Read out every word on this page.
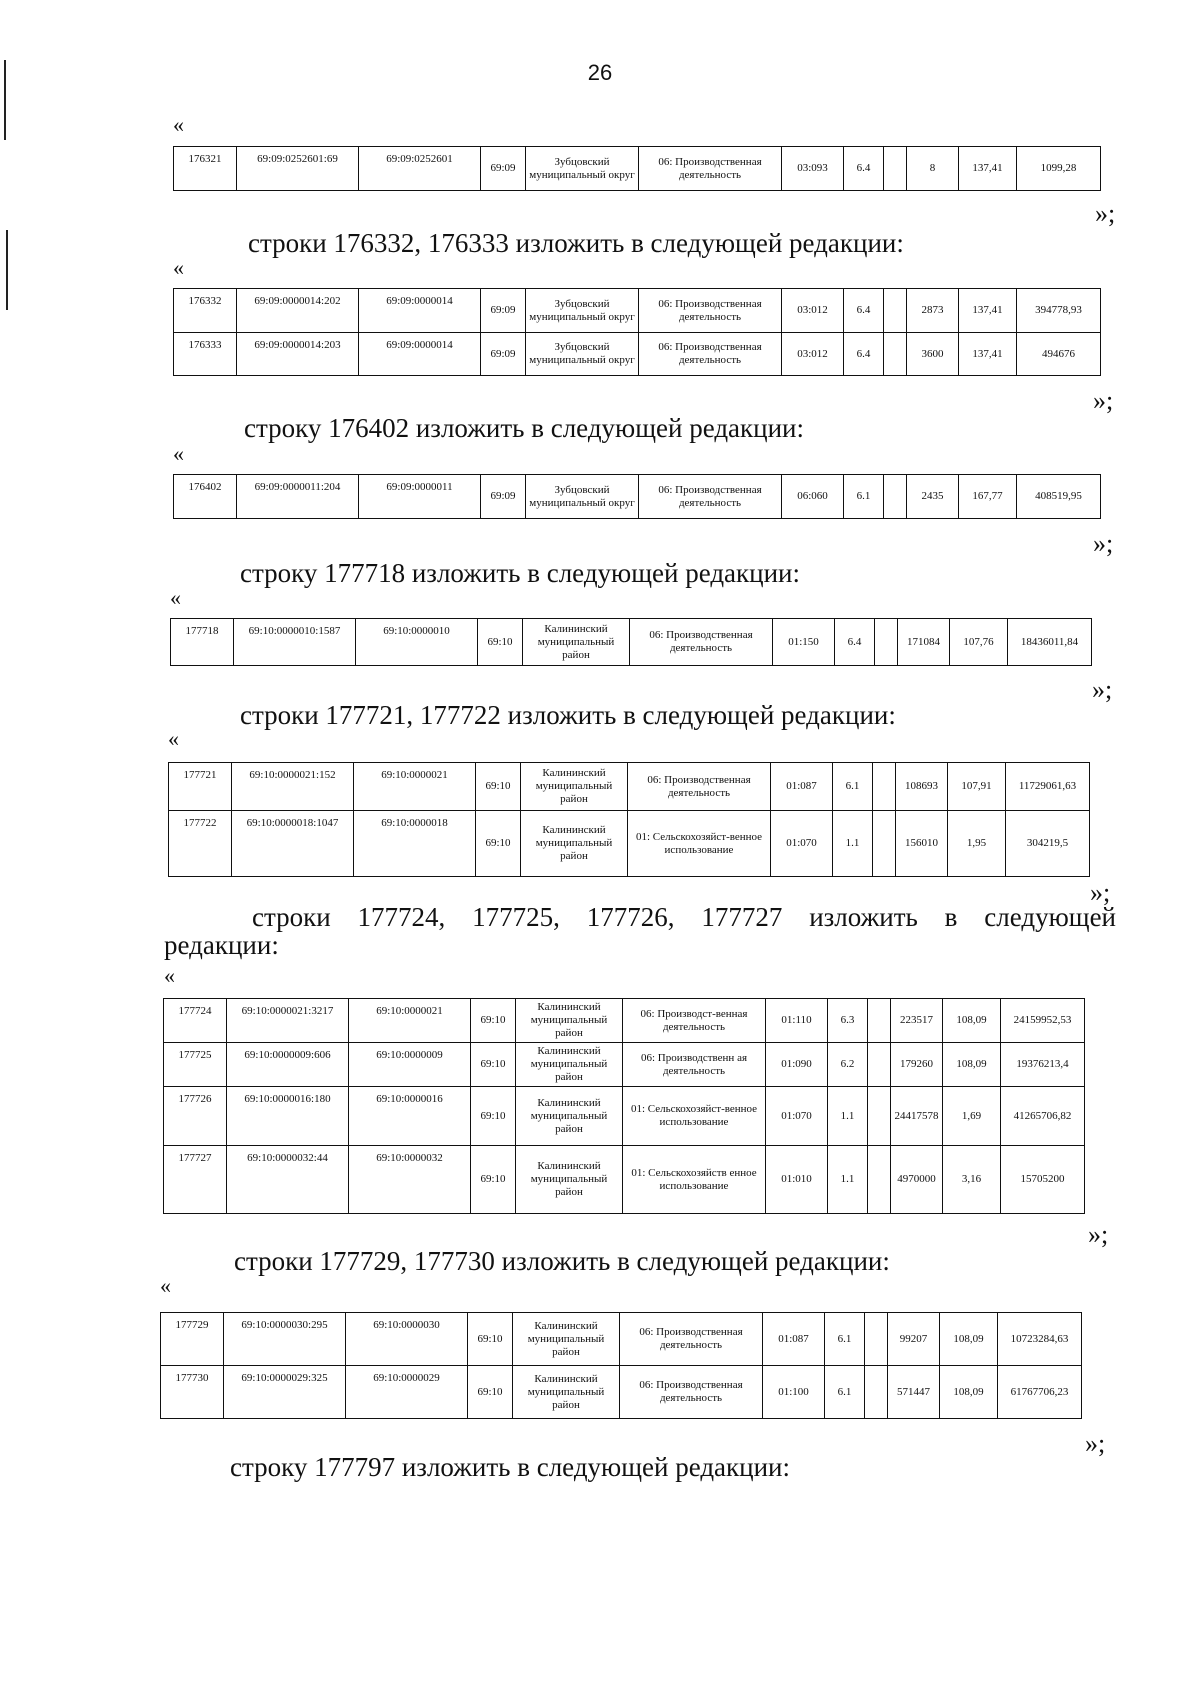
26
«
176321	69:09:0252601:69	69:09:0252601	69:09	Зубцовский муниципальный округ	06: Производственная деятельность	03:093	6.4		8	137,41	1099,28
»;
строки 176332, 176333 изложить в следующей редакции:
«
176332	69:09:0000014:202	69:09:0000014	69:09	Зубцовский муниципальный округ	06: Производственная деятельность	03:012	6.4		2873	137,41	394778,93
176333	69:09:0000014:203	69:09:0000014	69:09	Зубцовский муниципальный округ	06: Производственная деятельность	03:012	6.4		3600	137,41	494676
»;
строку 176402 изложить в следующей редакции:
«
176402	69:09:0000011:204	69:09:0000011	69:09	Зубцовский муниципальный округ	06: Производственная деятельность	06:060	6.1		2435	167,77	408519,95
»;
строку 177718 изложить в следующей редакции:
«
177718	69:10:0000010:1587	69:10:0000010	69:10	Калининский муниципальный район	06: Производственная деятельность	01:150	6.4		171084	107,76	18436011,84
»;
строки 177721, 177722 изложить в следующей редакции:
«
177721	69:10:0000021:152	69:10:0000021	69:10	Калининский муниципальный район	06: Производственная деятельность	01:087	6.1		108693	107,91	11729061,63
177722	69:10:0000018:1047	69:10:0000018	69:10	Калининский муниципальный район	01: Сельскохозяйст-венное использование	01:070	1.1		156010	1,95	304219,5
»;
строки 177724, 177725, 177726, 177727 изложить в следующей
редакции:
«
177724	69:10:0000021:3217	69:10:0000021	69:10	Калининский муниципальный район	06: Производст-венная деятельность	01:110	6.3		223517	108,09	24159952,53
177725	69:10:0000009:606	69:10:0000009	69:10	Калининский муниципальный район	06: Производственн ая деятельность	01:090	6.2		179260	108,09	19376213,4
177726	69:10:0000016:180	69:10:0000016	69:10	Калининский муниципальный район	01: Сельскохозяйст-венное использование	01:070	1.1		24417578	1,69	41265706,82
177727	69:10:0000032:44	69:10:0000032	69:10	Калининский муниципальный район	01: Сельскохозяйств енное использование	01:010	1.1		4970000	3,16	15705200
»;
строки 177729, 177730 изложить в следующей редакции:
«
177729	69:10:0000030:295	69:10:0000030	69:10	Калининский муниципальный район	06: Производственная деятельность	01:087	6.1		99207	108,09	10723284,63
177730	69:10:0000029:325	69:10:0000029	69:10	Калининский муниципальный район	06: Производственная деятельность	01:100	6.1		571447	108,09	61767706,23
»;
строку 177797 изложить в следующей редакции:
